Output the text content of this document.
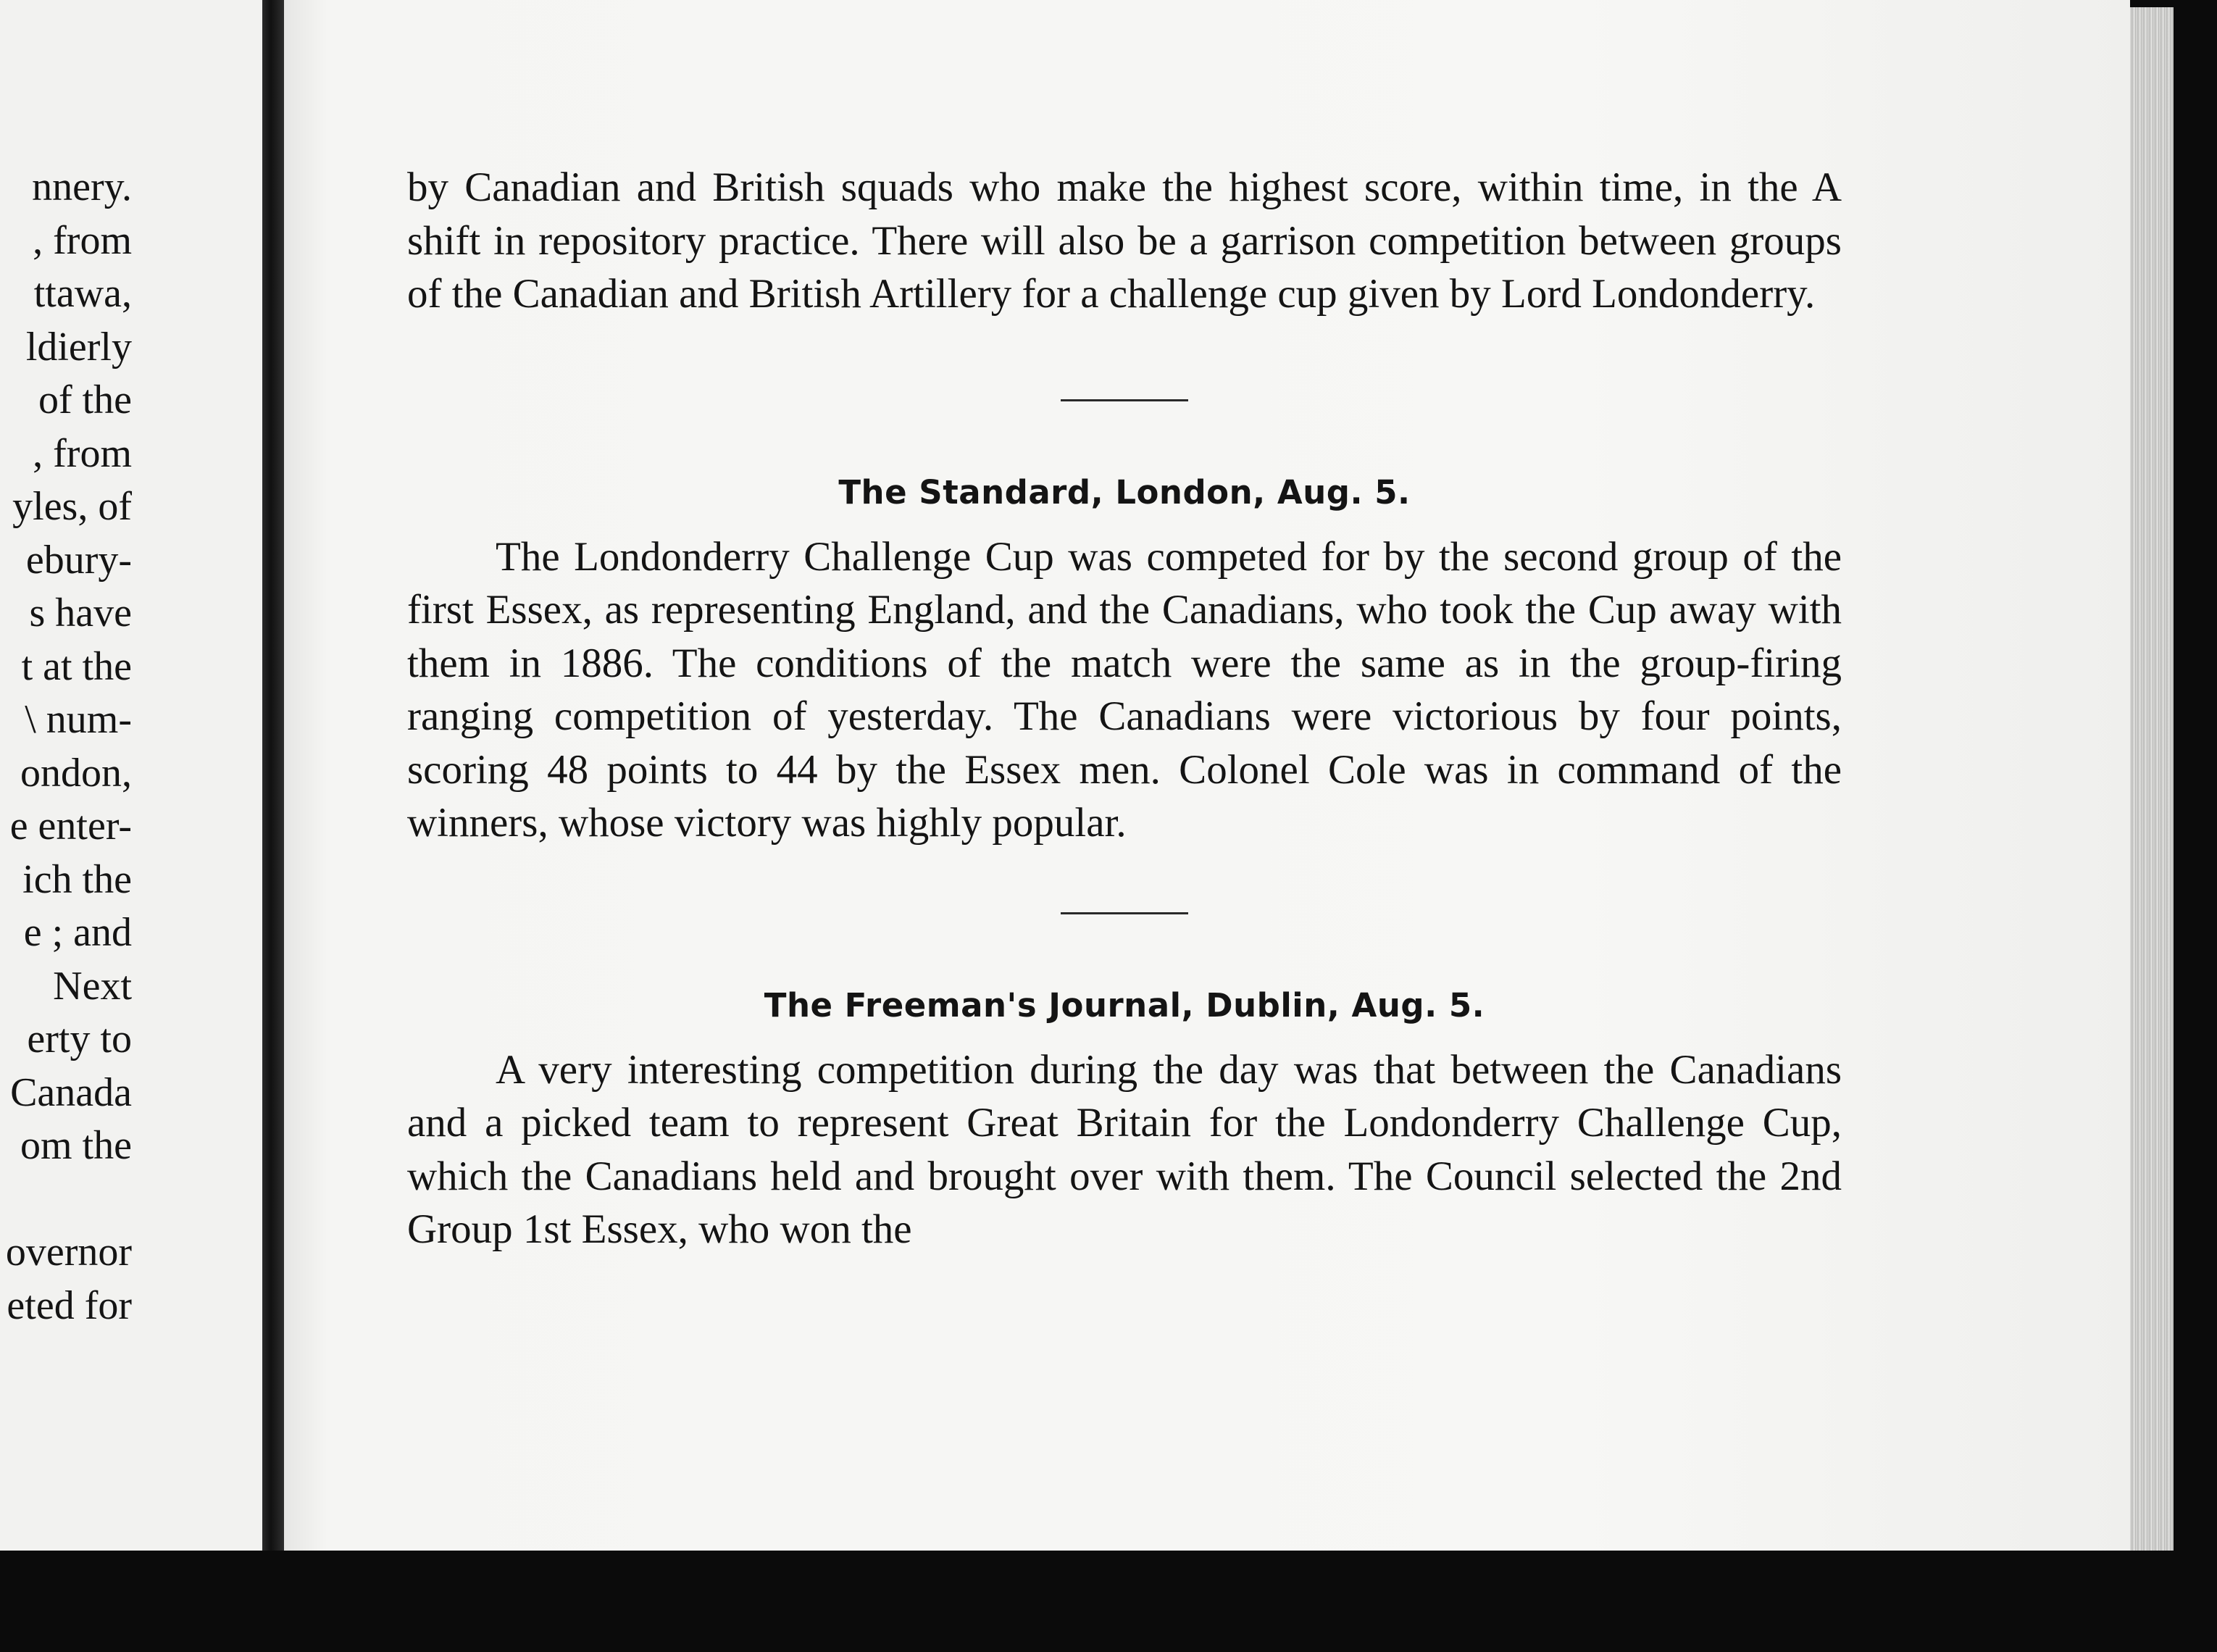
nnery.
, from
ttawa,
ldierly
of the
, from
yles, of
ebury-
s have
t at the
\ num-
ondon,
e enter-
ich the
e ; and
Next
erty to
Canada
om the
overnor
eted for

by Canadian and British squads who make the highest score, within time, in the A shift in repository practice. There will also be a garrison competition between groups of the Canadian and British Artillery for a challenge cup given by Lord Londonderry.

The Standard, London, Aug. 5.

The Londonderry Challenge Cup was competed for by the second group of the first Essex, as representing England, and the Canadians, who took the Cup away with them in 1886. The conditions of the match were the same as in the group-firing ranging competition of yesterday. The Canadians were victorious by four points, scoring 48 points to 44 by the Essex men. Colonel Cole was in command of the winners, whose victory was highly popular.

The Freeman's Journal, Dublin, Aug. 5.

A very interesting competition during the day was that between the Canadians and a picked team to represent Great Britain for the Londonderry Challenge Cup, which the Canadians held and brought over with them. The Council selected the 2nd Group 1st Essex, who won the
